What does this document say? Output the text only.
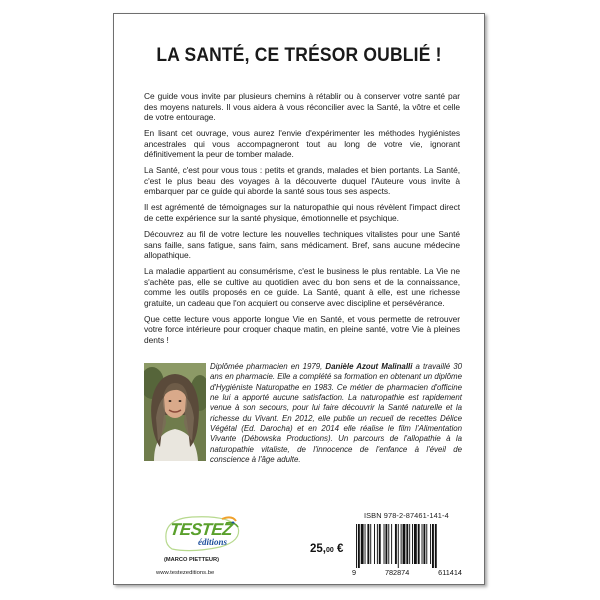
LA SANTÉ, CE TRÉSOR OUBLIÉ !

Ce guide vous invite par plusieurs chemins à rétablir ou à conserver votre santé par des moyens naturels. Il vous aidera à vous réconcilier avec la Santé, la vôtre et celle de votre entourage.

En lisant cet ouvrage, vous aurez l'envie d'expérimenter les méthodes hygiénistes ancestrales qui vous accompagneront tout au long de votre vie, ignorant définitivement la peur de tomber malade.

La Santé, c'est pour vous tous : petits et grands, malades et bien portants. La Santé, c'est le plus beau des voyages à la découverte duquel l'Auteure vous invite à embarquer par ce guide qui aborde la santé sous tous ses aspects.

Il est agrémenté de témoignages sur la naturopathie qui nous révèlent l'impact direct de cette expérience sur la santé physique, émotionnelle et psychique.

Découvrez au fil de votre lecture les nouvelles techniques vitalistes pour une Santé sans faille, sans fatigue, sans faim, sans médicament. Bref, sans aucune médecine allopathique.

La maladie appartient au consumérisme, c'est le business le plus rentable. La Vie ne s'achète pas, elle se cultive au quotidien avec du bon sens et de la connaissance, comme les outils proposés en ce guide. La Santé, quant à elle, est une richesse gratuite, un cadeau que l'on acquiert ou conserve avec discipline et persévérance.

Que cette lecture vous apporte longue Vie en Santé, et vous permette de retrouver votre force intérieure pour croquer chaque matin, en pleine santé, votre Vie à pleines dents !

Diplômée pharmacien en 1979, Danièle Azout Malinalli a travaillé 30 ans en pharmacie. Elle a complété sa formation en obtenant un diplôme d'Hygiéniste Naturopathe en 1983. Ce métier de pharmacien d'officine ne lui a apporté aucune satisfaction. La naturopathie est rapidement venue à son secours, pour lui faire découvrir la Santé naturelle et la richesse du Vivant. En 2012, elle publie un recueil de recettes Délice Végétal (Ed. Darocha) et en 2014 elle réalise le film l'Alimentation Vivante (Débowska Productions). Un parcours de l'allopathie à la naturopathie vitaliste, de l'innocence de l'enfance à l'éveil de conscience à l'âge adulte.
TESTEZ
éditions
(MARCO PIETTEUR)
www.testezeditions.be
25,00 €
ISBN 978-2-87461-141-4
9	782874	611414
